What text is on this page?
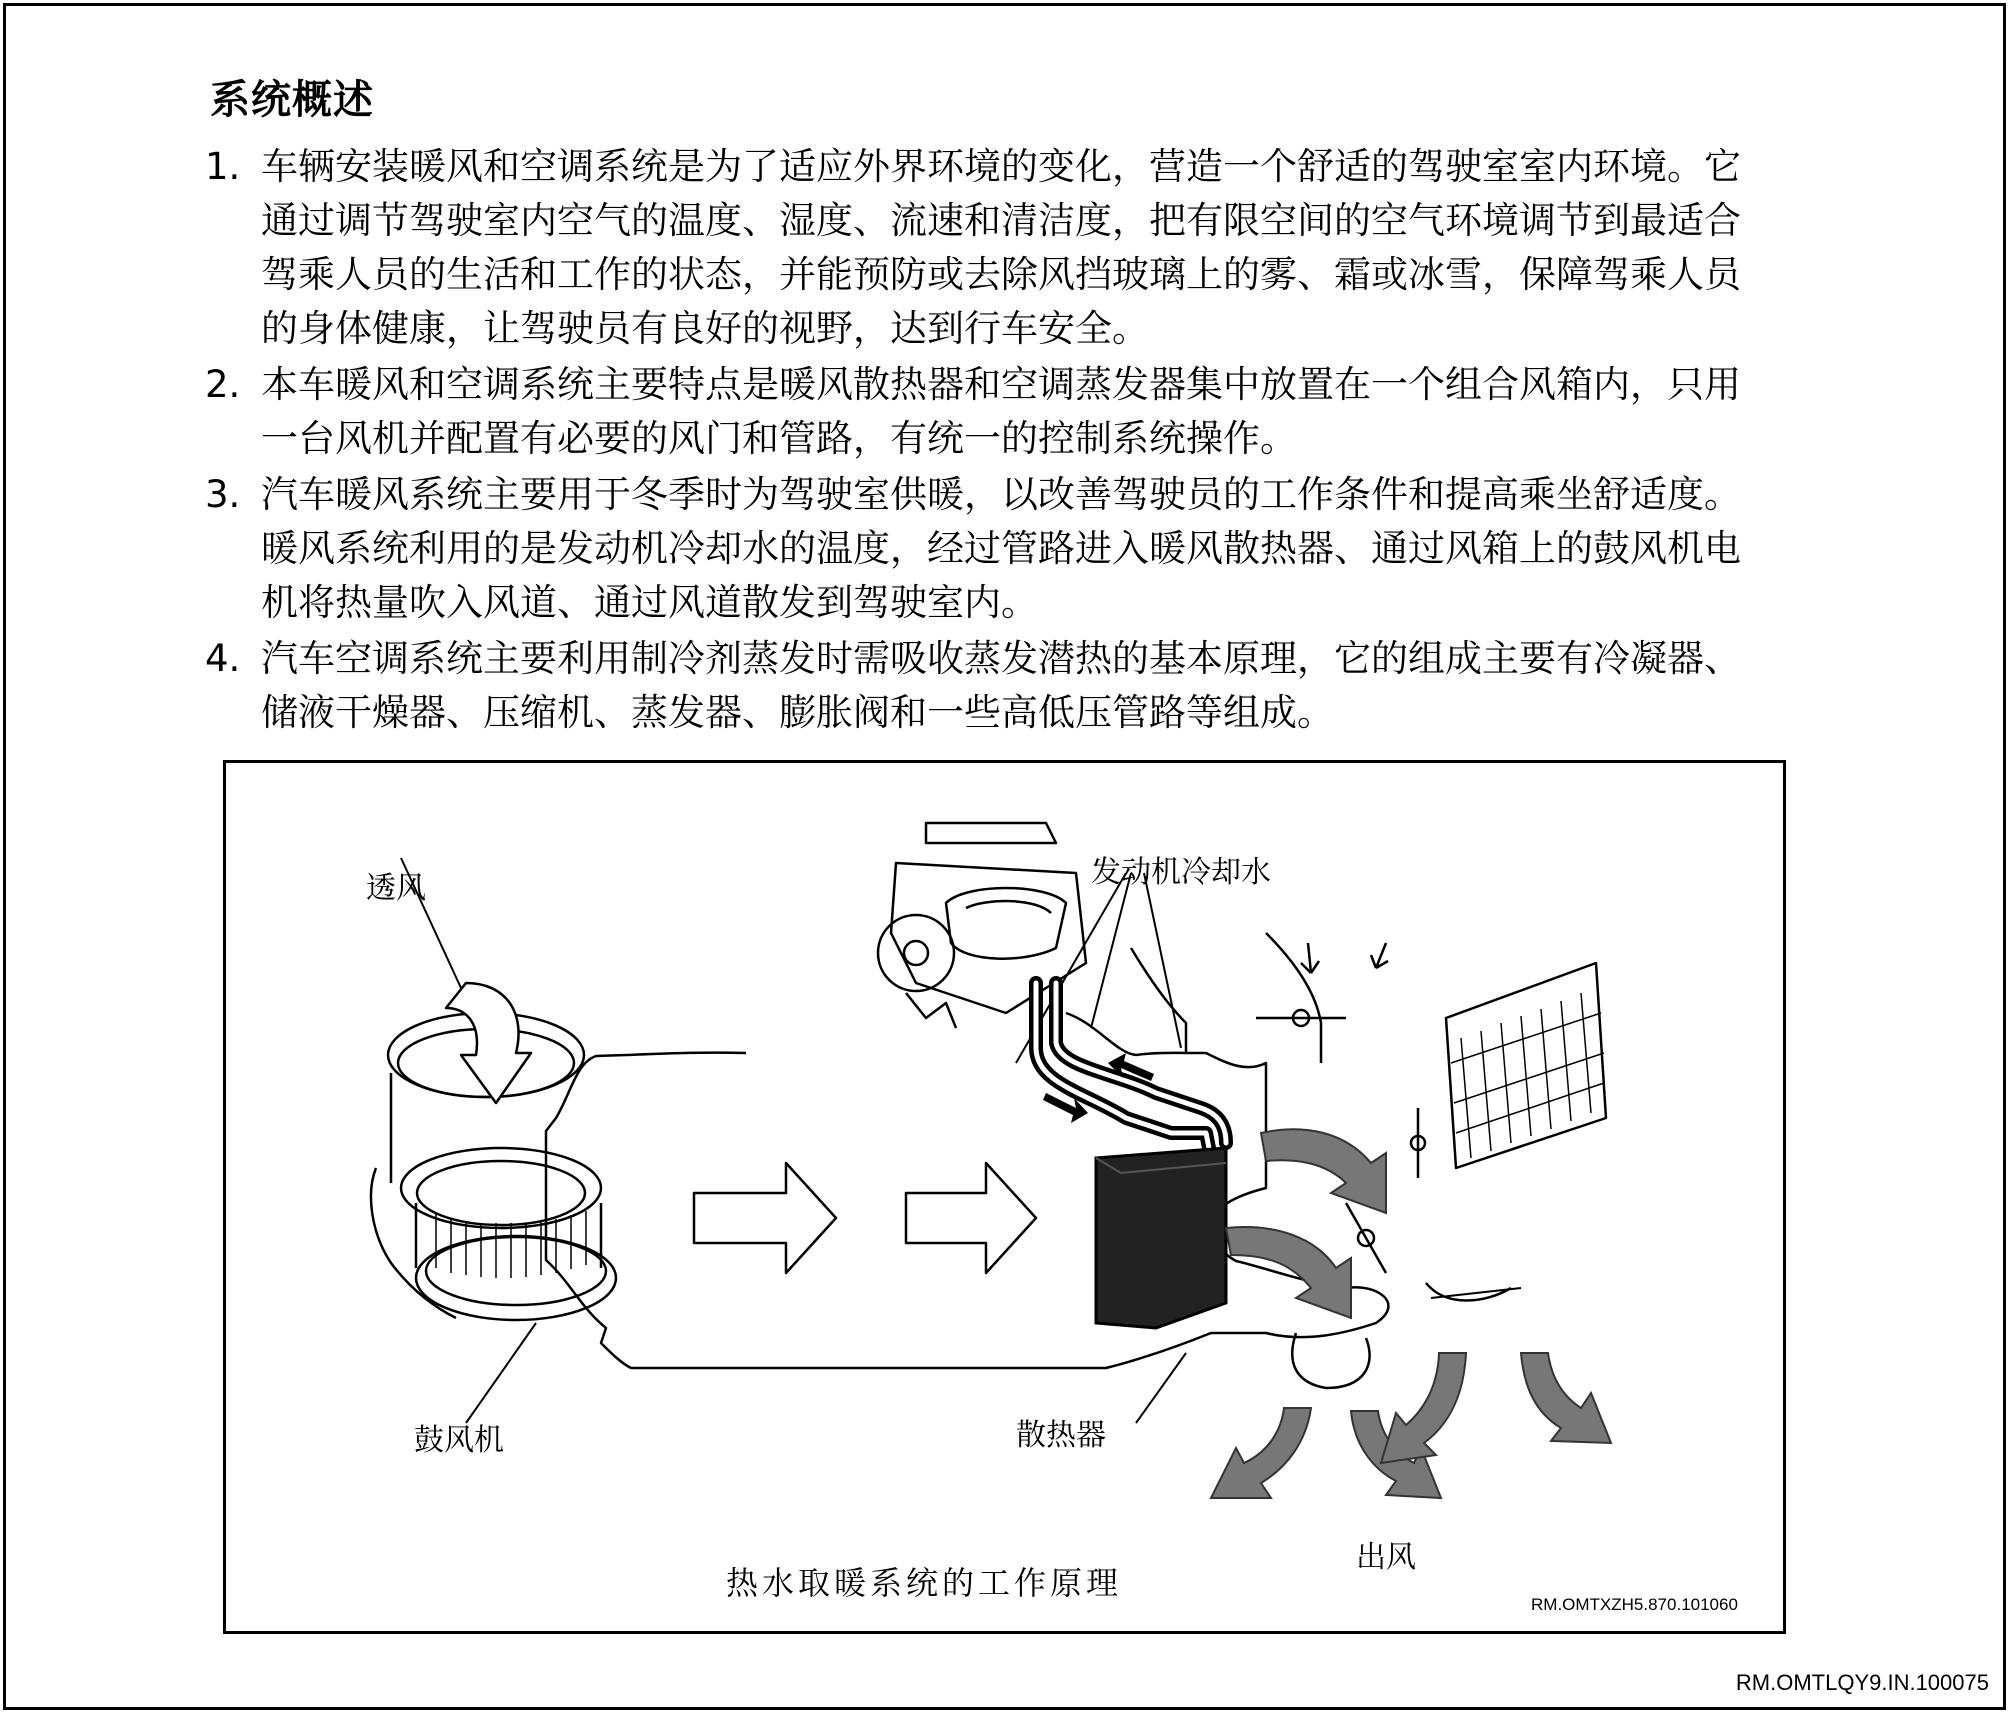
系统概述
1. 车辆安装暖风和空调系统是为了适应外界环境的变化，营造一个舒适的驾驶室室内环境。它通过调节驾驶室内空气的温度、湿度、流速和清洁度，把有限空间的空气环境调节到最适合驾乘人员的生活和工作的状态，并能预防或去除风挡玻璃上的雾、霜或冰雪，保障驾乘人员的身体健康，让驾驶员有良好的视野，达到行车安全。
2. 本车暖风和空调系统主要特点是暖风散热器和空调蒸发器集中放置在一个组合风箱内，只用一台风机并配置有必要的风门和管路，有统一的控制系统操作。
3. 汽车暖风系统主要用于冬季时为驾驶室供暖，以改善驾驶员的工作条件和提高乘坐舒适度。暖风系统利用的是发动机冷却水的温度，经过管路进入暖风散热器、通过风箱上的鼓风机电机将热量吹入风道、通过风道散发到驾驶室内。
4. 汽车空调系统主要利用制冷剂蒸发时需吸收蒸发潜热的基本原理，它的组成主要有冷凝器、储液干燥器、压缩机、蒸发器、膨胀阀和一些高低压管路等组成。
透风	发动机冷却水
鼓风机	散热器
出风
热水取暖系统的工作原理
RM.OMTXZH5.870.101060
RM.OMTLQY9.IN.100075
